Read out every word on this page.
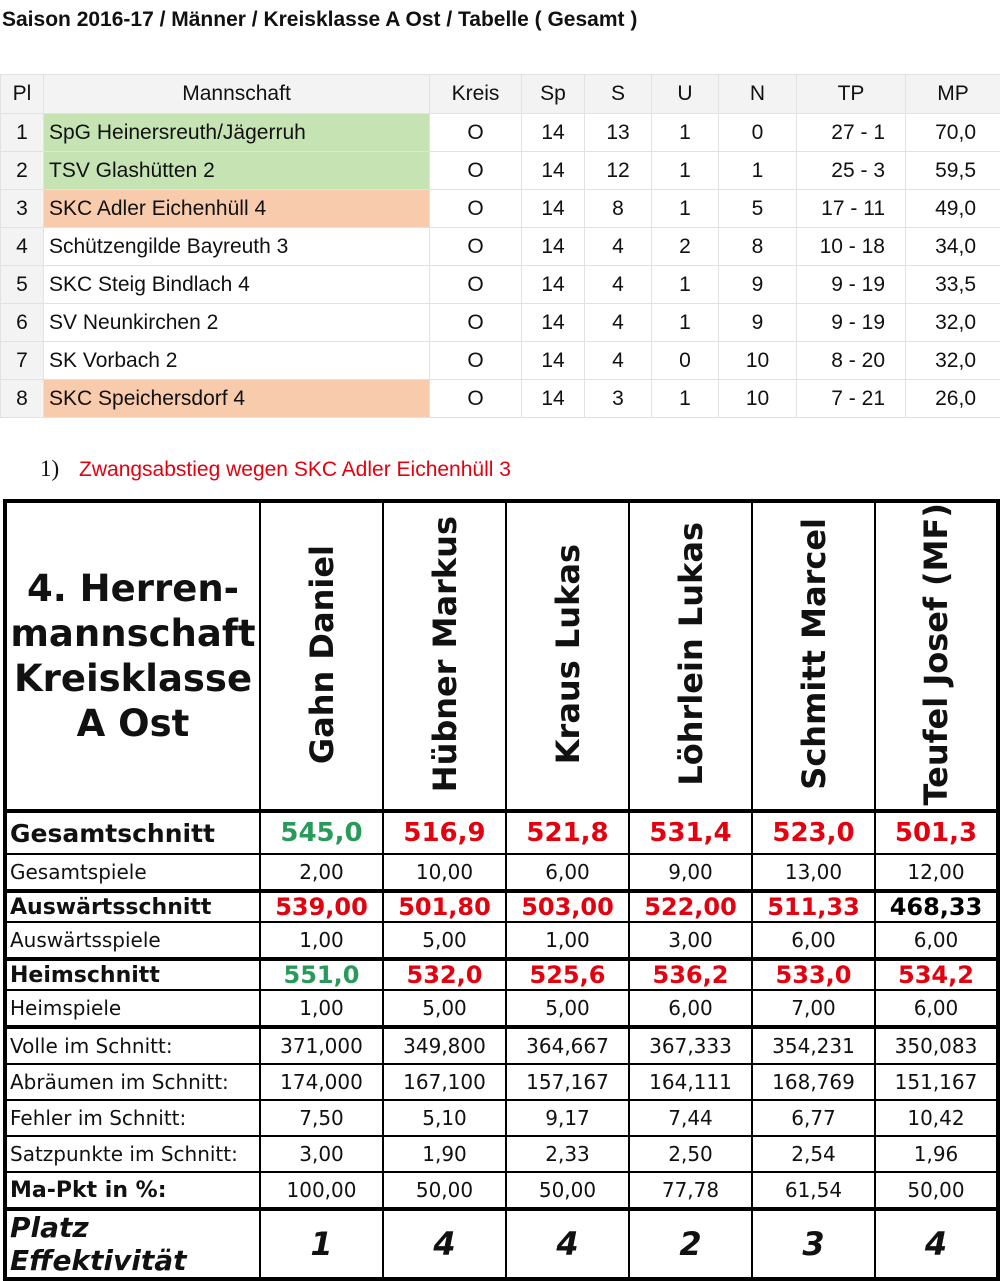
Saison 2016-17 / Männer / Kreisklasse A Ost / Tabelle ( Gesamt )
Pl	Mannschaft	Kreis	Sp	S	U	N	TP	MP
1	SpG Heinersreuth/Jägerruh	O	14	13	1	0	27 - 1	70,0
2	TSV Glashütten 2	O	14	12	1	1	25 - 3	59,5
3	SKC Adler Eichenhüll 4	O	14	8	1	5	17 - 11	49,0
4	Schützengilde Bayreuth 3	O	14	4	2	8	10 - 18	34,0
5	SKC Steig Bindlach 4	O	14	4	1	9	9 - 19	33,5
6	SV Neunkirchen 2	O	14	4	1	9	9 - 19	32,0
7	SK Vorbach 2	O	14	4	0	10	8 - 20	32,0
8	SKC Speichersdorf 4	O	14	3	1	10	7 - 21	26,0
1) Zwangsabstieg wegen SKC Adler Eichenhüll 3
4. Herren-
mannschaft
Kreisklasse
A Ost	Gahn Daniel	Hübner Markus	Kraus Lukas	Löhrlein Lukas	Schmitt Marcel	Teufel Josef (MF)
Gesamtschnitt	545,0	516,9	521,8	531,4	523,0	501,3
Gesamtspiele	2,00	10,00	6,00	9,00	13,00	12,00
Auswärtsschnitt	539,00	501,80	503,00	522,00	511,33	468,33
Auswärtsspiele	1,00	5,00	1,00	3,00	6,00	6,00
Heimschnitt	551,0	532,0	525,6	536,2	533,0	534,2
Heimspiele	1,00	5,00	5,00	6,00	7,00	6,00
Volle im Schnitt:	371,000	349,800	364,667	367,333	354,231	350,083
Abräumen im Schnitt:	174,000	167,100	157,167	164,111	168,769	151,167
Fehler im Schnitt:	7,50	5,10	9,17	7,44	6,77	10,42
Satzpunkte im Schnitt:	3,00	1,90	2,33	2,50	2,54	1,96
Ma-Pkt in %:	100,00	50,00	50,00	77,78	61,54	50,00
Platz Effektivität	1	4	4	2	3	4
